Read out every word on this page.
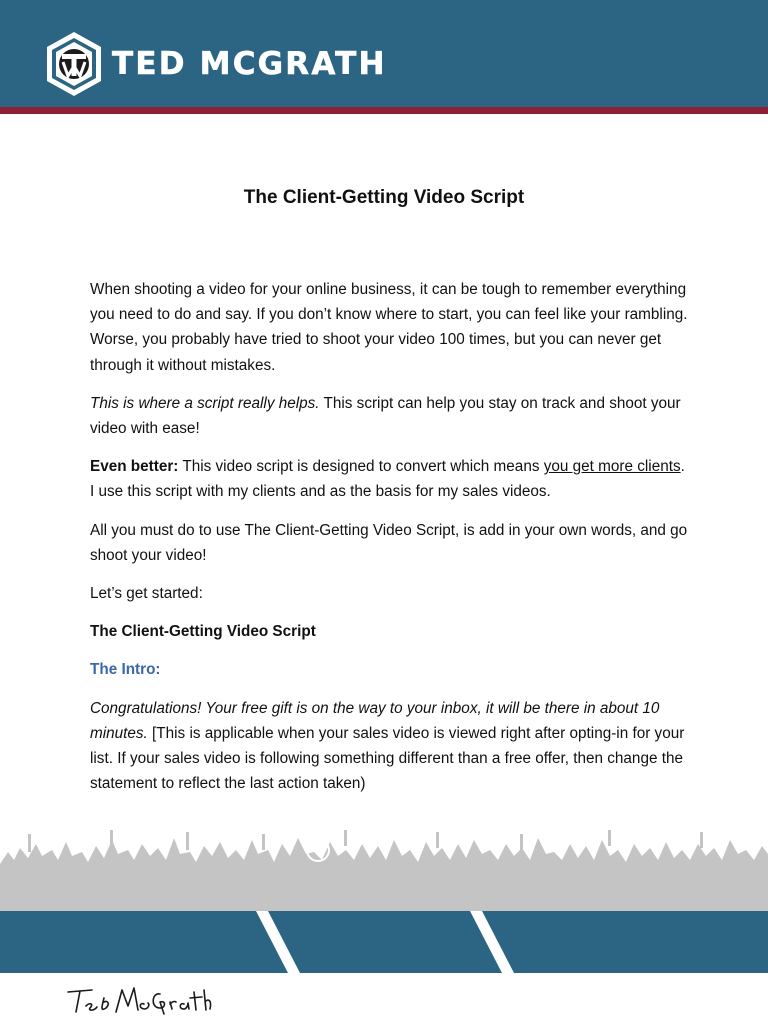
TED MCGRATH
The Client-Getting Video Script

When shooting a video for your online business, it can be tough to remember everything you need to do and say. If you don’t know where to start, you can feel like your rambling. Worse, you probably have tried to shoot your video 100 times, but you can never get through it without mistakes.

This is where a script really helps. This script can help you stay on track and shoot your video with ease!

Even better: This video script is designed to convert which means you get more clients. I use this script with my clients and as the basis for my sales videos.

All you must do to use The Client-Getting Video Script, is add in your own words, and go shoot your video!

Let’s get started:

The Client-Getting Video Script

The Intro:

Congratulations! Your free gift is on the way to your inbox, it will be there in about 10 minutes. [This is applicable when your sales video is viewed right after opting-in for your list. If your sales video is following something different than a free offer, then change the statement to reflect the last action taken)
